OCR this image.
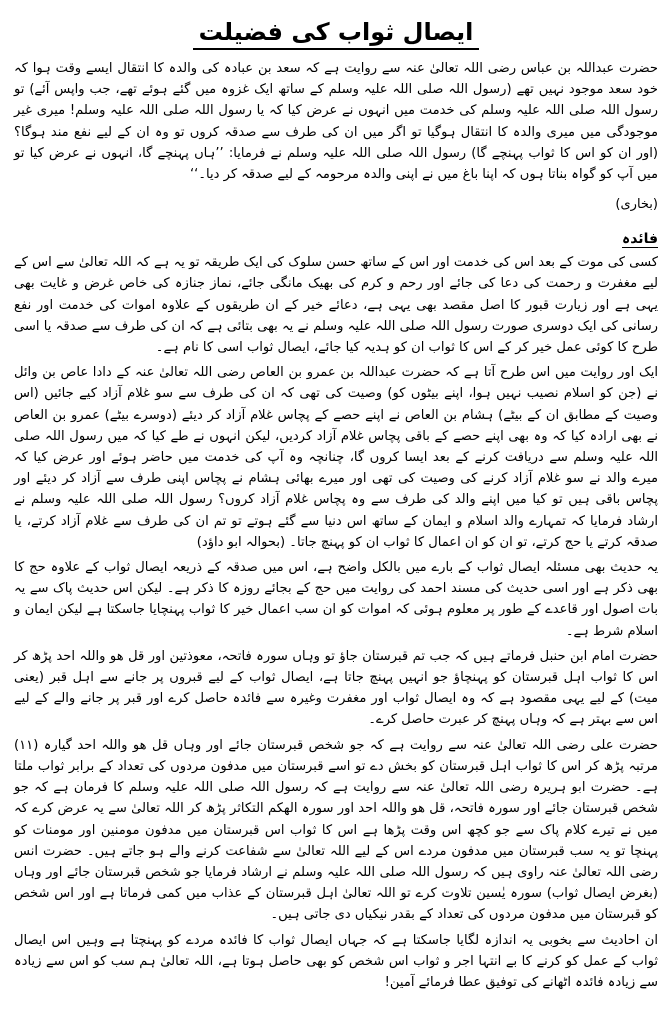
ایصال ثواب کی فضیلت

حضرت عبداللہ بن عباس رضی اللہ تعالیٰ عنہ سے روایت ہے کہ سعد بن عبادہ کی والدہ کا انتقال ایسے وقت ہوا کہ خود سعد موجود نہیں تھے (رسول اللہ صلی اللہ علیہ وسلم کے ساتھ ایک غزوہ میں گئے ہوئے تھے، جب واپس آئے) تو رسول اللہ صلی اللہ علیہ وسلم کی خدمت میں انہوں نے عرض کیا کہ یا رسول اللہ صلی اللہ علیہ وسلم! میری غیر موجودگی میں میری والدہ کا انتقال ہوگیا تو اگر میں ان کی طرف سے صدقہ کروں تو وہ ان کے لیے نفع مند ہوگا؟ (اور ان کو اس کا ثواب پہنچے گا) رسول اللہ صلی اللہ علیہ وسلم نے فرمایا: ’’ہاں پہنچے گا، انہوں نے عرض کیا تو میں آپ کو گواہ بناتا ہوں کہ اپنا باغ میں نے اپنی والدہ مرحومہ کے لیے صدقہ کر دیا۔‘‘

(بخاری)
فائدہ

کسی کی موت کے بعد اس کی خدمت اور اس کے ساتھ حسن سلوک کی ایک طریقہ تو یہ ہے کہ اللہ تعالیٰ سے اس کے لیے مغفرت و رحمت کی دعا کی جائے اور رحم و کرم کی بھیک مانگی جائے، نماز جنازہ کی خاص غرض و غایت بھی یہی ہے اور زیارت قبور کا اصل مقصد بھی یہی ہے، دعائے خیر کے ان طریقوں کے علاوہ اموات کی خدمت اور نفع رسانی کی ایک دوسری صورت رسول اللہ صلی اللہ علیہ وسلم نے یہ بھی بتائی ہے کہ ان کی طرف سے صدقہ یا اسی طرح کا کوئی عمل خیر کر کے اس کا ثواب ان کو ہدیہ کیا جائے، ایصال ثواب اسی کا نام ہے۔

ایک اور روایت میں اس طرح آتا ہے کہ حضرت عبداللہ بن عمرو بن العاص رضی اللہ تعالیٰ عنہ کے دادا عاص بن وائل نے (جن کو اسلام نصیب نہیں ہوا، اپنے بیٹوں کو) وصیت کی تھی کہ ان کی طرف سے سو غلام آزاد کیے جائیں (اس وصیت کے مطابق ان کے بیٹے) ہشام بن العاص نے اپنے حصے کے پچاس غلام آزاد کر دیئے (دوسرے بیٹے) عمرو بن العاص نے بھی ارادہ کیا کہ وہ بھی اپنے حصے کے باقی پچاس غلام آزاد کردیں، لیکن انہوں نے طے کیا کہ میں رسول اللہ صلی اللہ علیہ وسلم سے دریافت کرنے کے بعد ایسا کروں گا، چنانچہ وہ آپ کی خدمت میں حاضر ہوئے اور عرض کیا کہ میرے والد نے سو غلام آزاد کرنے کی وصیت کی تھی اور میرے بھائی ہشام نے پچاس اپنی طرف سے آزاد کر دیئے اور پچاس باقی ہیں تو کیا میں اپنے والد کی طرف سے وہ پچاس غلام آزاد کروں؟ رسول اللہ صلی اللہ علیہ وسلم نے ارشاد فرمایا کہ تمہارے والد اسلام و ایمان کے ساتھ اس دنیا سے گئے ہوتے تو تم ان کی طرف سے غلام آزاد کرتے، یا صدقہ کرتے یا حج کرتے، تو ان کو ان اعمال کا ثواب ان کو پہنچ جاتا۔ (بحوالہ ابو داؤد)

یہ حدیث بھی مسئلہ ایصال ثواب کے بارے میں بالکل واضح ہے، اس میں صدقہ کے ذریعہ ایصال ثواب کے علاوہ حج کا بھی ذکر ہے اور اسی حدیث کی مسند احمد کی روایت میں حج کے بجائے روزہ کا ذکر ہے۔ لیکن اس حدیث پاک سے یہ بات اصول اور قاعدے کے طور پر معلوم ہوئی کہ اموات کو ان سب اعمال خیر کا ثواب پہنچایا جاسکتا ہے لیکن ایمان و اسلام شرط ہے۔

حضرت امام ابن حنبل فرماتے ہیں کہ جب تم قبرستان جاؤ تو وہاں سورہ فاتحہ، معوذتین اور قل ھو واللہ احد پڑھ کر اس کا ثواب اہل قبرستان کو پہنچاؤ جو انہیں پہنچ جاتا ہے، ایصال ثواب کے لیے قبروں پر جانے سے اہل قبر (یعنی میت) کے لیے یہی مقصود ہے کہ وہ ایصال ثواب اور مغفرت وغیرہ سے فائدہ حاصل کرے اور قبر پر جانے والے کے لیے اس سے بہتر ہے کہ وہاں پہنچ کر عبرت حاصل کرے۔

حضرت علی رضی اللہ تعالیٰ عنہ سے روایت ہے کہ جو شخص قبرستان جائے اور وہاں قل ھو واللہ احد گیارہ (۱۱) مرتبہ پڑھ کر اس کا ثواب اہل قبرستان کو بخش دے تو اسے قبرستان میں مدفون مردوں کی تعداد کے برابر ثواب ملتا ہے۔ حضرت ابو ہریرہ رضی اللہ تعالیٰ عنہ سے روایت ہے کہ رسول اللہ صلی اللہ علیہ وسلم کا فرمان ہے کہ جو شخص قبرستان جائے اور سورہ فاتحہ، قل ھو واللہ احد اور سورہ الھکم التکاثر پڑھ کر اللہ تعالیٰ سے یہ عرض کرے کہ میں نے تیرے کلام پاک سے جو کچھ اس وقت پڑھا ہے اس کا ثواب اس قبرستان میں مدفون مومنین اور مومنات کو پہنچا تو یہ سب قبرستان میں مدفون مردے اس کے لیے اللہ تعالیٰ سے شفاعت کرنے والے ہو جاتے ہیں۔ حضرت انس رضی اللہ تعالیٰ عنہ راوی ہیں کہ رسول اللہ صلی اللہ علیہ وسلم نے ارشاد فرمایا جو شخص قبرستان جائے اور وہاں (بغرض ایصال ثواب) سورہ یٰسین تلاوت کرے تو اللہ تعالیٰ اہل قبرستان کے عذاب میں کمی فرماتا ہے اور اس شخص کو قبرستان میں مدفون مردوں کی تعداد کے بقدر نیکیاں دی جاتی ہیں۔

ان احادیث سے بخوبی یہ اندازہ لگایا جاسکتا ہے کہ جہاں ایصال ثواب کا فائدہ مردے کو پہنچتا ہے وہیں اس ایصال ثواب کے عمل کو کرنے کا بے انتہا اجر و ثواب اس شخص کو بھی حاصل ہوتا ہے، اللہ تعالیٰ ہم سب کو اس سے زیادہ سے زیادہ فائدہ اٹھانے کی توفیق عطا فرمائے آمین!
